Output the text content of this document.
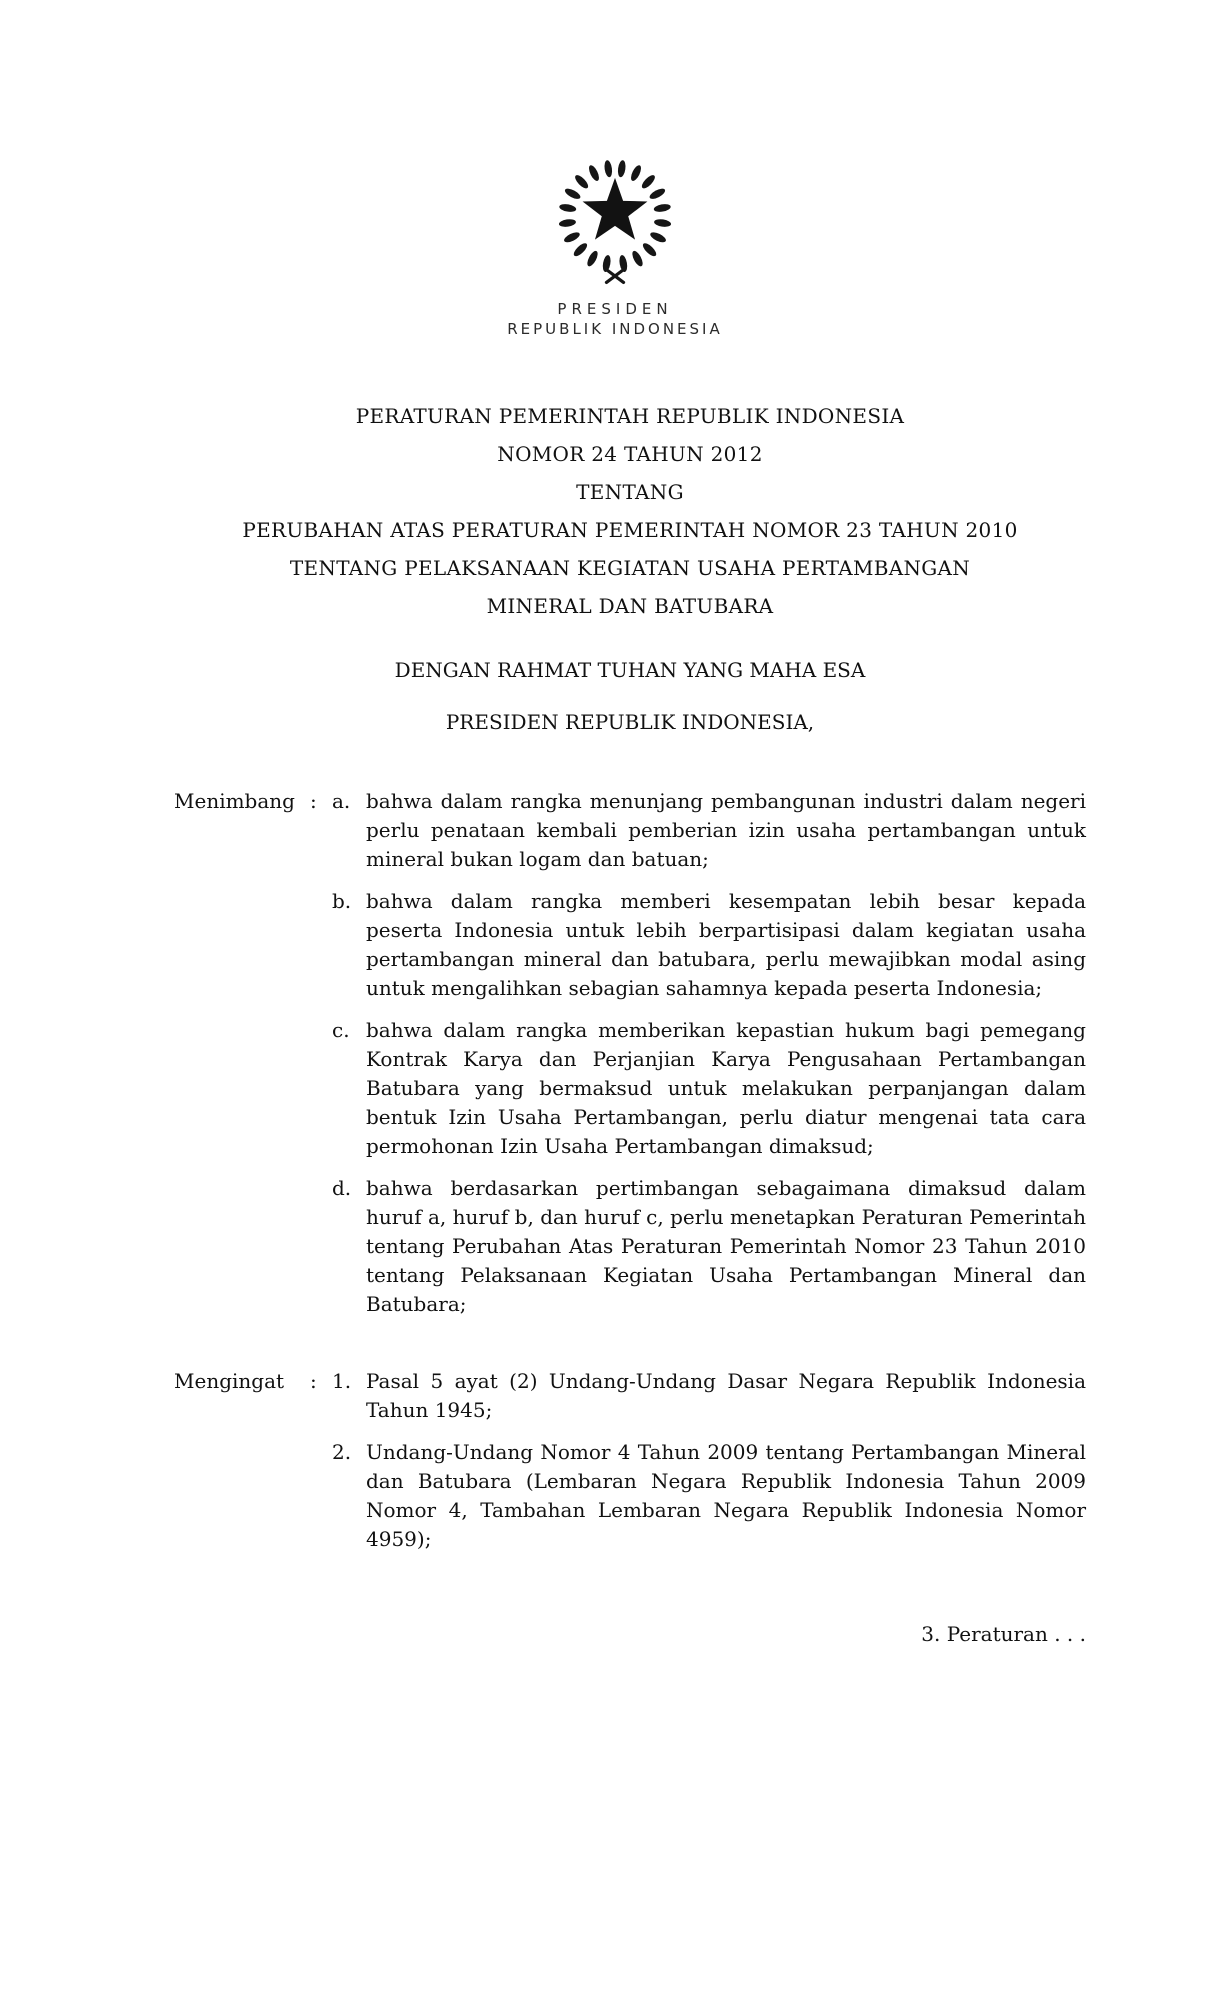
PRESIDEN
REPUBLIK INDONESIA
PERATURAN PEMERINTAH REPUBLIK INDONESIA
NOMOR 24 TAHUN 2012
TENTANG
PERUBAHAN ATAS PERATURAN PEMERINTAH NOMOR 23 TAHUN 2010
TENTANG PELAKSANAAN KEGIATAN USAHA PERTAMBANGAN
MINERAL DAN BATUBARA
DENGAN RAHMAT TUHAN YANG MAHA ESA
PRESIDEN REPUBLIK INDONESIA,
Menimbang : a. bahwa dalam rangka menunjang pembangunan industri dalam negeri perlu penataan kembali pemberian izin usaha pertambangan untuk mineral bukan logam dan batuan;
b. bahwa dalam rangka memberi kesempatan lebih besar kepada peserta Indonesia untuk lebih berpartisipasi dalam kegiatan usaha pertambangan mineral dan batubara, perlu mewajibkan modal asing untuk mengalihkan sebagian sahamnya kepada peserta Indonesia;
c. bahwa dalam rangka memberikan kepastian hukum bagi pemegang Kontrak Karya dan Perjanjian Karya Pengusahaan Pertambangan Batubara yang bermaksud untuk melakukan perpanjangan dalam bentuk Izin Usaha Pertambangan, perlu diatur mengenai tata cara permohonan Izin Usaha Pertambangan dimaksud;
d. bahwa berdasarkan pertimbangan sebagaimana dimaksud dalam huruf a, huruf b, dan huruf c, perlu menetapkan Peraturan Pemerintah tentang Perubahan Atas Peraturan Pemerintah Nomor 23 Tahun 2010 tentang Pelaksanaan Kegiatan Usaha Pertambangan Mineral dan Batubara;
Mengingat	: 1. Pasal 5 ayat (2) Undang-Undang Dasar Negara Republik Indonesia Tahun 1945;
2. Undang-Undang Nomor 4 Tahun 2009 tentang Pertambangan Mineral dan Batubara (Lembaran Negara Republik Indonesia Tahun 2009 Nomor 4, Tambahan Lembaran Negara Republik Indonesia Nomor 4959);
3. Peraturan . . .
